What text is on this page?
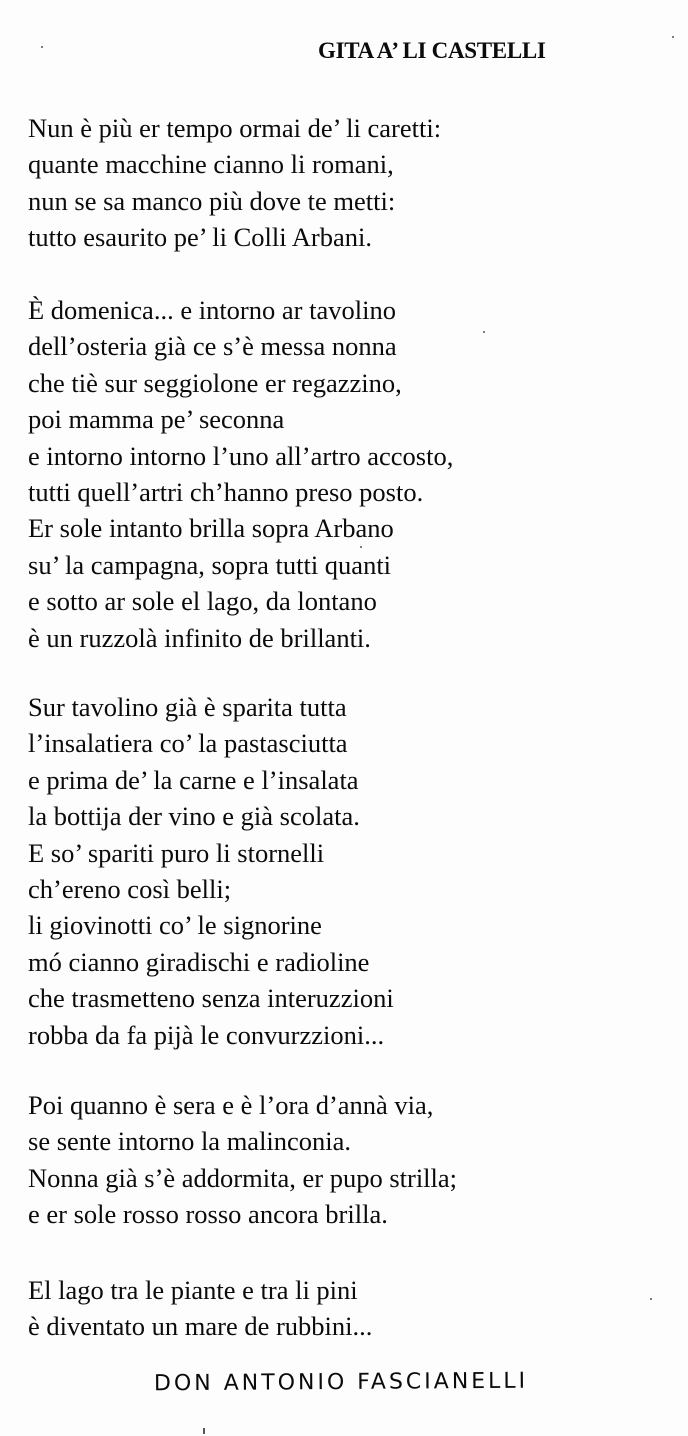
GITA A’ LI CASTELLI
Nun è più er tempo ormai de’ li caretti:
quante macchine cianno li romani,
nun se sa manco più dove te metti:
tutto esaurito pe’ li Colli Arbani.
È domenica... e intorno ar tavolino
dell’osteria già ce s’è messa nonna
che tiè sur seggiolone er regazzino,
poi mamma pe’ seconna
e intorno intorno l’uno all’artro accosto,
tutti quell’artri ch’hanno preso posto.
Er sole intanto brilla sopra Arbano
su’ la campagna, sopra tutti quanti
e sotto ar sole el lago, da lontano
è un ruzzolà infinito de brillanti.
Sur tavolino già è sparita tutta
l’insalatiera co’ la pastasciutta
e prima de’ la carne e l’insalata
la bottija der vino e già scolata.
E so’ spariti puro li stornelli
ch’ereno così belli;
li giovinotti co’ le signorine
mó cianno giradischi e radioline
che trasmetteno senza interuzzioni
robba da fa pijà le convurzzioni...
Poi quanno è sera e è l’ora d’annà via,
se sente intorno la malinconia.
Nonna già s’è addormita, er pupo strilla;
e er sole rosso rosso ancora brilla.
El lago tra le piante e tra li pini
è diventato un mare de rubbini...
DON ANTONIO FASCIANELLI
